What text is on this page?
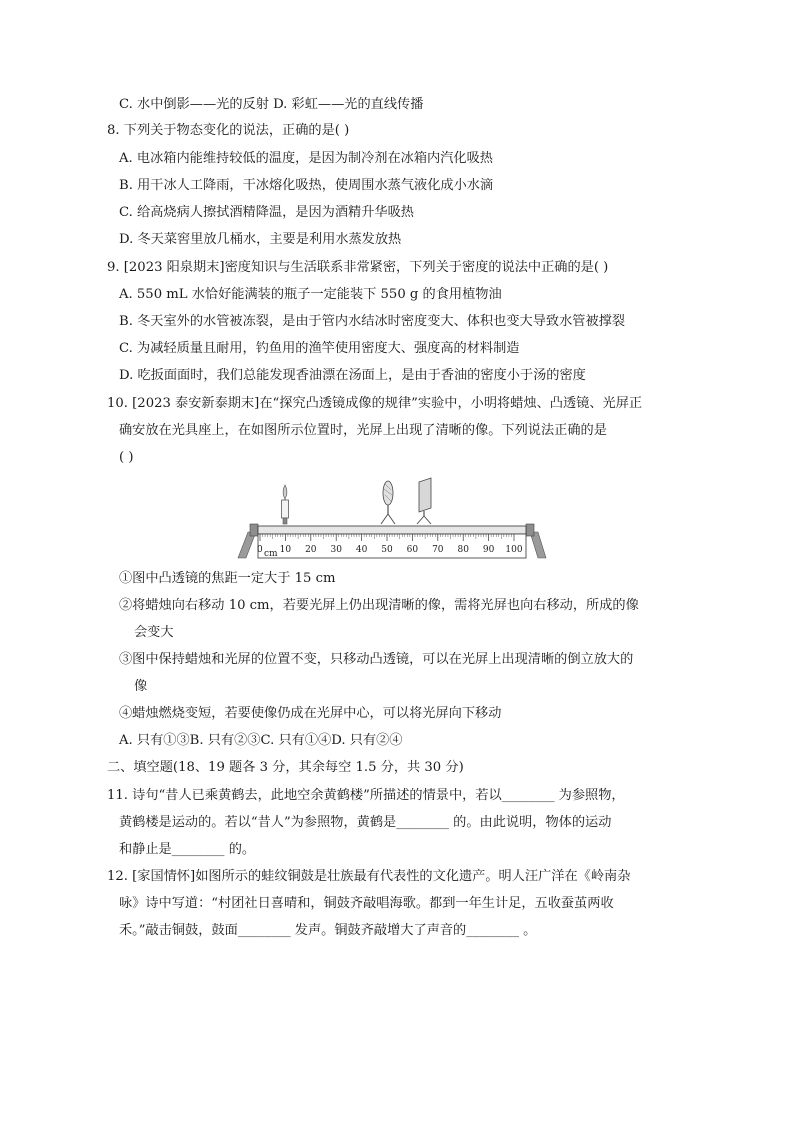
C. 水中倒影——光的反射 D. 彩虹——光的直线传播
8. 下列关于物态变化的说法，正确的是( )
A. 电冰箱内能维持较低的温度，是因为制冷剂在冰箱内汽化吸热
B. 用干冰人工降雨，干冰熔化吸热，使周围水蒸气液化成小水滴
C. 给高烧病人擦拭酒精降温，是因为酒精升华吸热
D. 冬天菜窖里放几桶水，主要是利用水蒸发放热
9. [2023 阳泉期末]密度知识与生活联系非常紧密，下列关于密度的说法中正确的是( )
A. 550 mL 水恰好能满装的瓶子一定能装下 550 g 的食用植物油
B. 冬天室外的水管被冻裂，是由于管内水结冰时密度变大、体积也变大导致水管被撑裂
C. 为减轻质量且耐用，钓鱼用的渔竿使用密度大、强度高的材料制造
D. 吃扳面面时，我们总能发现香油漂在汤面上，是由于香油的密度小于汤的密度
10. [2023 泰安新泰期末]在“探究凸透镜成像的规律”实验中，小明将蜡烛、凸透镜、光屏正
确安放在光具座上，在如图所示位置时，光屏上出现了清晰的像。下列说法正确的是
( )
0 10 20 30 40 50 60 70 80 90 100
cm
①图中凸透镜的焦距一定大于 15 cm
②将蜡烛向右移动 10 cm，若要光屏上仍出现清晰的像，需将光屏也向右移动，所成的像
会变大
③图中保持蜡烛和光屏的位置不变，只移动凸透镜，可以在光屏上出现清晰的倒立放大的
像
④蜡烛燃烧变短，若要使像仍成在光屏中心，可以将光屏向下移动
A. 只有①③B. 只有②③C. 只有①④D. 只有②④
二、填空题(18、19 题各 3 分，其余每空 1.5 分，共 30 分)
11. 诗句“昔人已乘黄鹤去，此地空余黄鹤楼”所描述的情景中，若以________ 为参照物，
黄鹤楼是运动的。若以“昔人”为参照物，黄鹤是________ 的。由此说明，物体的运动
和静止是________ 的。
12. [家国情怀]如图所示的蛙纹铜鼓是壮族最有代表性的文化遗产。明人汪广洋在《岭南杂
咏》诗中写道：“村团社日喜晴和，铜鼓齐敲唱海歌。都到一年生计足，五收蚕茧两收
禾。”敲击铜鼓，鼓面________ 发声。铜鼓齐敲增大了声音的________ 。
